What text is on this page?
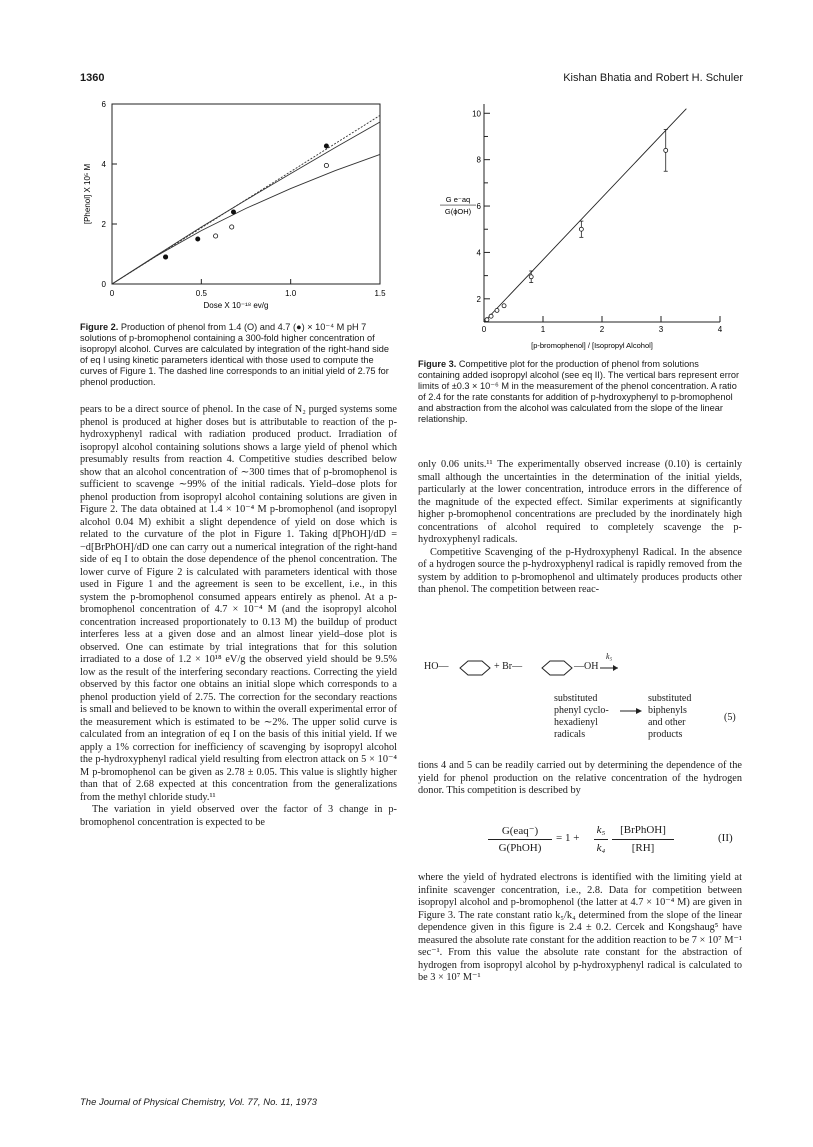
1360	Kishan Bhatia and Robert H. Schuler
0	0.5	1.0	1.5
0
2
4
6
Dose X 10⁻¹⁸ ev/g
[Phenol] X 10⁵ M
Figure 2. Production of phenol from 1.4 (O) and 4.7 (●) × 10⁻⁴ M pH 7 solutions of p-bromophenol containing a 300-fold higher concentration of isopropyl alcohol. Curves are calculated by integration of the right-hand side of eq I using kinetic parameters identical with those used to compute the curves of Figure 1. The dashed line corresponds to an initial yield of 2.75 for phenol production.
2
4
6
8
10
0	1	2	3	4
[p-bromophenol] / [Isopropyl Alcohol]
G e⁻aq
G(ϕOH)
Figure 3. Competitive plot for the production of phenol from solutions containing added isopropyl alcohol (see eq II). The vertical bars represent error limits of ±0.3 × 10⁻⁶ M in the measurement of the phenol concentration. A ratio of 2.4 for the rate constants for addition of p-hydroxyphenyl to p-bromophenol and abstraction from the alcohol was calculated from the slope of the linear relationship.

pears to be a direct source of phenol. In the case of N₂ purged systems some phenol is produced at higher doses but is attributable to reaction of the p-hydroxyphenyl radical with radiation produced product. Irradiation of isopropyl alcohol containing solutions shows a large yield of phenol which presumably results from reaction 4. Competitive studies described below show that an alcohol concentration of ∼300 times that of p-bromophenol is sufficient to scavenge ∼99% of the initial radicals. Yield–dose plots for phenol production from isopropyl alcohol containing solutions are given in Figure 2. The data obtained at 1.4 × 10⁻⁴ M p-bromophenol (and isopropyl alcohol 0.04 M) exhibit a slight dependence of yield on dose which is related to the curvature of the plot in Figure 1. Taking d[PhOH]/dD = −d[BrPhOH]/dD one can carry out a numerical integration of the right-hand side of eq I to obtain the dose dependence of the phenol concentration. The lower curve of Figure 2 is calculated with parameters identical with those used in Figure 1 and the agreement is seen to be excellent, i.e., in this system the p-bromophenol consumed appears entirely as phenol. At a p-bromophenol concentration of 4.7 × 10⁻⁴ M (and the isopropyl alcohol concentration increased proportionately to 0.13 M) the buildup of product interferes less at a given dose and an almost linear yield–dose plot is observed. One can estimate by trial integrations that for this solution irradiated to a dose of 1.2 × 10¹⁸ eV/g the observed yield should be 9.5% low as the result of the interfering secondary reactions. Correcting the yield observed by this factor one obtains an initial slope which corresponds to a phenol production yield of 2.75. The correction for the secondary reactions is small and believed to be known to within the overall experimental error of the measurement which is estimated to be ∼2%. The upper solid curve is calculated from an integration of eq I on the basis of this initial yield. If we apply a 1% correction for inefficiency of scavenging by isopropyl alcohol the p-hydroxyphenyl radical yield resulting from electron attack on 5 × 10⁻⁴ M p-bromophenol can be given as 2.78 ± 0.05. This value is slightly higher than that of 2.68 expected at this concentration from the generalizations from the methyl chloride study.¹¹

The variation in yield observed over the factor of 3 change in p-bromophenol concentration is expected to be

only 0.06 units.¹¹ The experimentally observed increase (0.10) is certainly small although the uncertainties in the determination of the initial yields, particularly at the lower concentration, introduce errors in the difference of the magnitude of the expected effect. Similar experiments at significantly higher p-bromophenol concentrations are precluded by the inordinately high concentrations of alcohol required to completely scavenge the p-hydroxyphenyl radicals.

Competitive Scavenging of the p-Hydroxyphenyl Radical. In the absence of a hydrogen source the p-hydroxyphenyl radical is rapidly removed from the system by addition to p-bromophenol and ultimately produces products other than phenol. The competition between reac-

HO—	+ Br—	—OH
k₅
substituted
phenyl cyclo-
hexadienyl
radicals
substituted
biphenyls
and other
products
(5)

tions 4 and 5 can be readily carried out by determining the dependence of the yield for phenol production on the relative concentration of the hydrogen donor. This competition is described by

G(eaq⁻)
G(PhOH)
= 1 +
k₅
k₄
[BrPhOH]
[RH]
(II)

where the yield of hydrated electrons is identified with the limiting yield at infinite scavenger concentration, i.e., 2.8. Data for competition between isopropyl alcohol and p-bromophenol (the latter at 4.7 × 10⁻⁴ M) are given in Figure 3. The rate constant ratio k₅/k₄ determined from the slope of the linear dependence given in this figure is 2.4 ± 0.2. Cercek and Kongshaug⁵ have measured the absolute rate constant for the addition reaction to be 7 × 10⁷ M⁻¹ sec⁻¹. From this value the absolute rate constant for the abstraction of hydrogen from isopropyl alcohol by p-hydroxyphenyl radical is calculated to be 3 × 10⁷ M⁻¹

The Journal of Physical Chemistry, Vol. 77, No. 11, 1973
